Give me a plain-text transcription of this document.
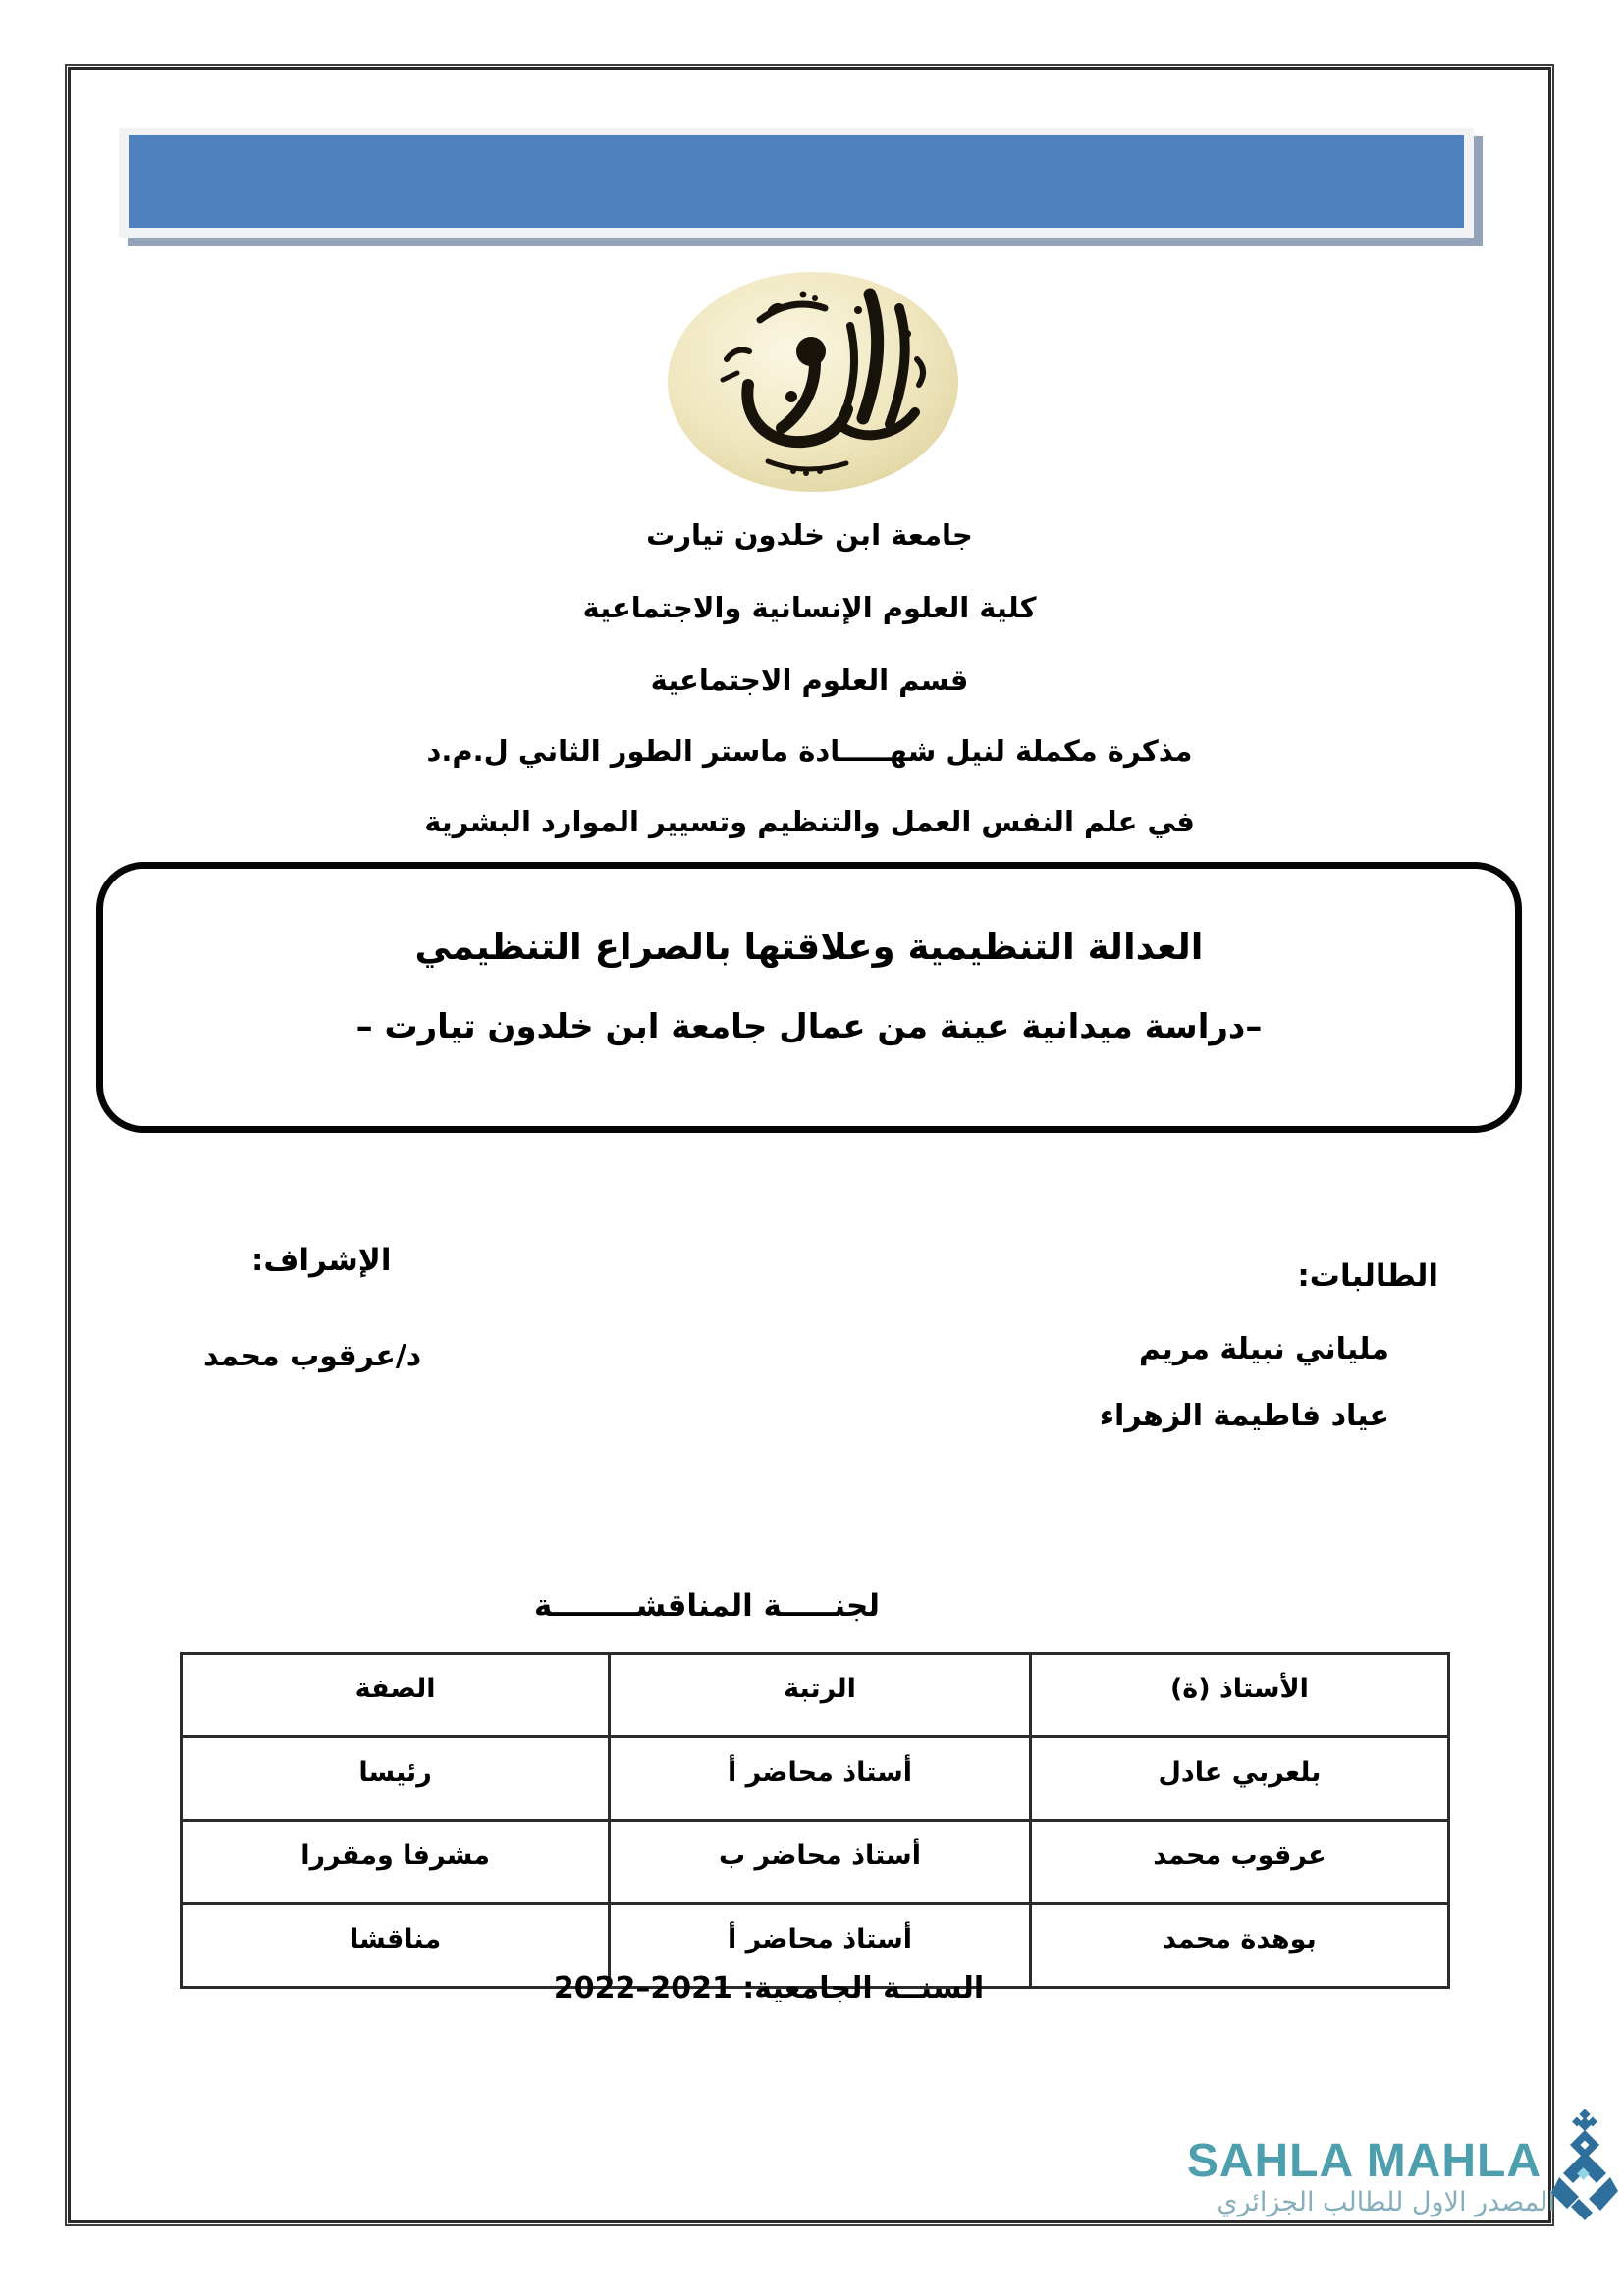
جامعة ابن خلدون تيارت
كلية العلوم الإنسانية والاجتماعية
قسم العلوم الاجتماعية
مذكرة مكملة لنيل شهـــــادة ماستر الطور الثاني ل.م.د
في علم النفس العمل والتنظيم وتسيير الموارد البشرية
العدالة التنظيمية وعلاقتها بالصراع التنظيمي
–دراسة ميدانية عينة من عمال جامعة ابن خلدون تيارت –
الطالبات:
ملياني نبيلة مريم
عياد فاطيمة الزهراء
الإشراف:
د/عرقوب محمد
لجنـــــة المناقشــــــــة
الأستاذ (ة)	الرتبة	الصفة
بلعربي عادل	أستاذ محاضر أ	رئيسا
عرقوب محمد	أستاذ محاضر ب	مشرفا ومقررا
بوهدة محمد	أستاذ محاضر أ	مناقشا
السنــة الجامعية: 2021–2022
SAHLA MAHLA
المصدر الاول للطالب الجزائري
